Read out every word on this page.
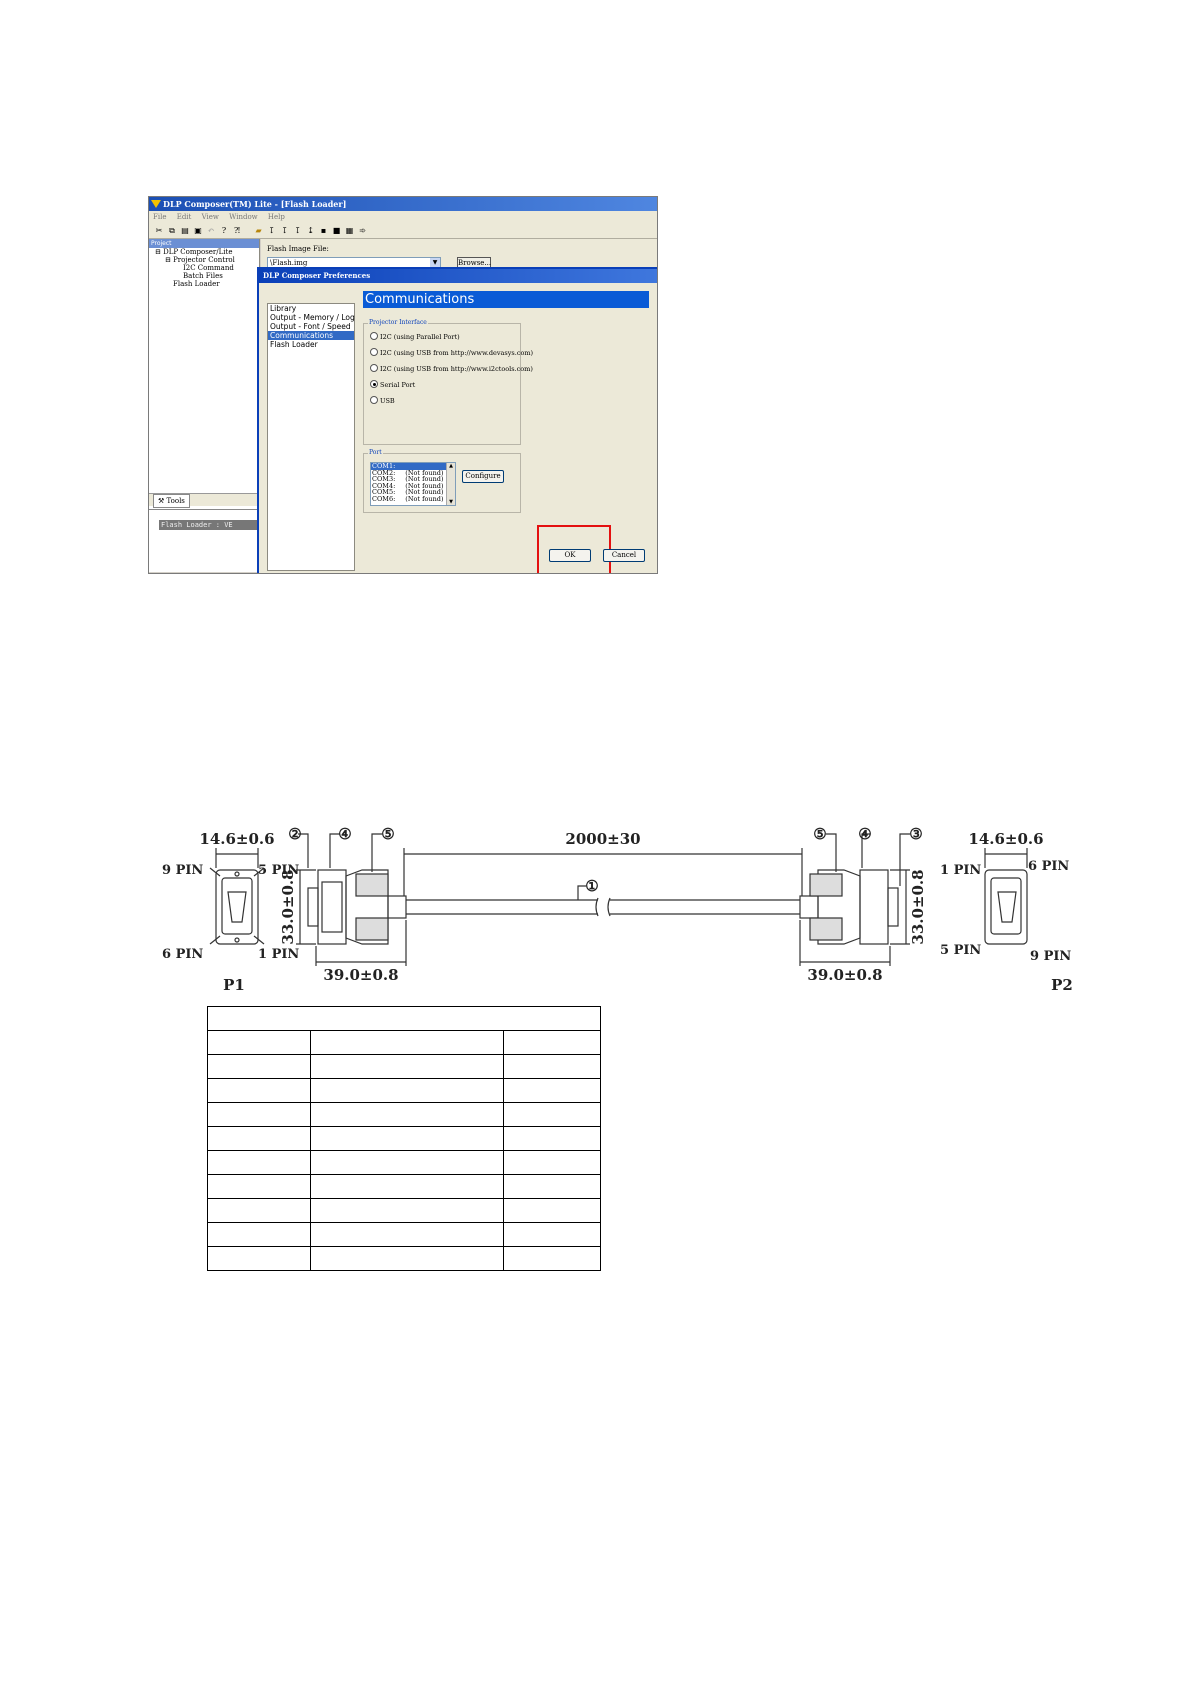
DLP Composer(TM) Lite - [Flash Loader]
File Edit View Window Help
✂ ⧉ ▤ ▣ ↶ ? ⁈ ▰ ↧ ↧ ↧ ↨ ▪ ■ ▦ ➾
Project
⊟ DLP Composer/Lite
⊟ Projector Control
I2C Command
Batch Files
Flash Loader
⚒ Tools
Flash Loader : VE
Flash Image File:
\Flash.img	▼	Browse...
DLP Composer Preferences
Library
Output - Memory / Log
Output - Font / Speed
Communications
Flash Loader
Communications
Projector Interface
I2C (using Parallel Port)
I2C (using USB from http://www.devasys.com)
I2C (using USB from http://www.i2ctools.com)
Serial Port
USB
Port
COM1:
COM2: (Not found)
COM3: (Not found)
COM4: (Not found)
COM5: (Not found)
COM6: (Not found)
▲
▼
Configure
OK	Cancel
2000±30
14.6±0.6	14.6±0.6
33.0±0.8	33.0±0.8
39.0±0.8	39.0±0.8
② ④ ⑤
①
⑤ ④	③
9 PIN	5 PIN
6 PIN	1 PIN
1 PIN	6 PIN
5 PIN	9 PIN
P1	P2
